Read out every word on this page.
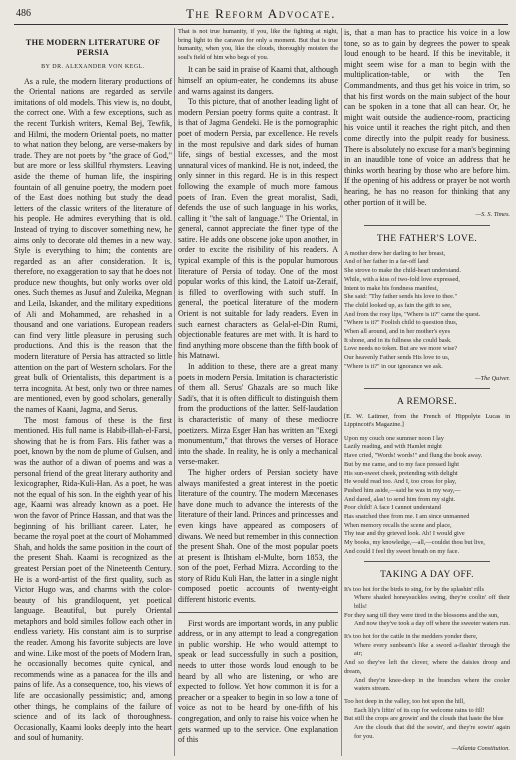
486	The Reform Advocate.
THE MODERN LITERATURE OF PERSIA
BY DR. ALEXANDER VON KEGL.

As a rule, the modern literary productions of the Oriental nations are regarded as servile imitations of old models. This view is, no doubt, the correct one. With a few exceptions, such as the recent Turkish writers, Kemal Bej, Tewfik, and Hilmi, the modern Oriental poets, no matter to what nation they belong, are verse-makers by trade. They are not poets by "the grace of God," but are more or less skillful rhymsters. Leaving aside the theme of human life, the inspiring fountain of all genuine poetry, the modern poet of the East does nothing but study the dead letters of the classic writers of the literature of his people. He admires everything that is old. Instead of trying to discover something new, he aims only to decorate old themes in a new way. Style is everything to him; the contents are regarded as an after consideration. It is, therefore, no exaggeration to say that he does not produce new thoughts, but only works over old ones. Such themes as Jusuf and Zuleika, Megnan and Leila, Iskander, and the military expeditions of Ali and Mohammed, are rehashed in a thousand and one variations. European readers can find very little pleasure in perusing such productions. And this is the reason that the modern literature of Persia has attracted so little attention on the part of Western scholars. For the great bulk of Orientalists, this department is a terra incognita. At best, only two or three names are mentioned, even by good scholars, generally the names of Kaani, Jagma, and Serus.

The most famous of these is the first mentioned. His full name is Habib-illah-el-Farsi, showing that he is from Fars. His father was a poet, known by the nom de plume of Gulsen, and was the author of a diwan of poems and was a personal friend of the great literary authority and lexicographer, Rida-Kuli-Han. As a poet, he was not the equal of his son. In the eighth year of his age, Kaami was already known as a poet. He won the favor of Prince Hassan, and that was the beginning of his brilliant career. Later, he became the royal poet at the court of Mohammed Shah, and holds the same position in the court of the present Shah. Kaami is recognized as the greatest Persian poet of the Nineteenth Century. He is a word-artist of the first quality, such as Victor Hugo was, and charms with the color-beauty of his grandiloquent, yet poetical language. Beautiful, but purely Oriental metaphors and bold similes follow each other in endless variety. His constant aim is to surprise the reader. Among his favorite subjects are love and wine. Like most of the poets of Modern Iran, he occasionally becomes quite cynical, and recommends wine as a panacea for the ills and pains of life. As a consequence, too, his views of life are occasionally pessimistic; and, among other things, he complains of the failure of science and of its lack of thoroughness. Occasionally, Kaami looks deeply into the heart and soul of humanity.

That is not true humanity, if you, like the fighting at night, bring light to the caravan for only a moment. But that is true humanity, when you, like the clouds, thoroughly moisten the soul's field of him who begs of you.

It can be said in praise of Kaami that, although himself an opium-eater, he condemns its abuse and warns against its dangers.

To this picture, that of another leading light of modern Persian poetry forms quite a contrast. It is that of Jagma Gendeki. He is the pornographic poet of modern Persia, par excellence. He revels in the most repulsive and dark sides of human life, sings of bestial excesses, and the most unnatural vices of mankind. He is not, indeed, the only sinner in this regard. He is in this respect following the example of much more famous poets of Iran. Even the great moralist, Sadi, defends the use of such language in his works, calling it "the salt of language." The Oriental, in general, cannot appreciate the finer type of the satire. He adds one obscene joke upon another, in order to excite the risibility of his readers. A typical example of this is the popular humorous literature of Persia of today. One of the most popular works of this kind, the Latoif ua-Zeraif, is filled to overflowing with such stuff. In general, the poetical literature of the modern Orient is not suitable for lady readers. Even in such earnest characters as Gelal-el-Din Rumi, objectionable features are met with. It is hard to find anything more obscene than the fifth book of his Matnawi.

In addition to these, there are a great many poets in modern Persia. Imitation is characteristic of them all. Serus' Ghazals are so much like Sadi's, that it is often difficult to distinguish them from the productions of the latter. Self-laudation is characteristic of many of these mediocre poetizers. Mirza Esger Han has written an "Exegi monumentum," that throws the verses of Horace into the shade. In reality, he is only a mechanical verse-maker.

The higher orders of Persian society have always manifested a great interest in the poetic literature of the country. The modern Mæcenases have done much to advance the interests of the literature of their land. Princes and princesses and even kings have appeared as composers of diwans. We need but remember in this connection the present Shah. One of the most popular poets at present is Ihtisham el-Multe, born 1853, the son of the poet, Ferhad Mizra. According to the story of Ridu Kuli Han, the latter in a single night composed poetic accounts of twenty-eight different historic events.

First words are important words, in any public address, or in any attempt to lead a congregation in public worship. He who would attempt to speak or lead successfully in such a position, needs to utter those words loud enough to be heard by all who are listening, or who are expected to follow. Yet how common it is for a preacher or a speaker to begin in so low a tone of voice as not to be heard by one-fifth of his congregation, and only to raise his voice when he gets warmed up to the service. One explanation of this

is, that a man has to practice his voice in a low tone, so as to gain by degrees the power to speak loud enough to be heard. If this be inevitable, it might seem wise for a man to begin with the multiplication-table, or with the Ten Commandments, and thus get his voice in trim, so that his first words on the main subject of the hour can be spoken in a tone that all can hear. Or, he might wait outside the audience-room, practicing his voice until it reaches the right pitch, and then come directly into the pulpit ready for business. There is absolutely no excuse for a man's beginning in an inaudible tone of voice an address that he thinks worth hearing by those who are before him. If the opening of his address or prayer be not worth hearing, he has no reason for thinking that any other portion of it will be.

—S. S. Times.
THE FATHER'S LOVE.
A mother drew her darling to her breast,
And of her father in a far-off land
She strove to make the child-heart understand.
While, with a kiss of two-fold love expressed,
Intent to make his fondness manifest,
She said: "Thy father sends his love to thee."
The child looked up, as fain the gift to see,
And from the rosy lips, "Where is it?" came the quest.
"Where is it?" Foolish child to question thus,
When all around, and in her mother's eyes
It shone, and in its fullness she could bask.
Love needs no token. But are we more wise?
Our heavenly Father sends His love to us,
"Where is it?" in our ignorance we ask.
—The Quiver.
A REMORSE.
[E. W. Latimer, from the French of Hippolyte Lucas in Lippincott's Magazine.]
Upon my couch one summer noon I lay
Lazily reading, and with Hamlet might
Have cried, "Words! words!" and flung the book away.
But by me came, and to my face pressed light
His sun-sweet cheek, pretending with delight
He would read too. And I, too cross for play,
Pushed him aside,—said he was in my way,—
And dared, alas! to send him from my sight.
Poor child! A face I cannot understand
Has snatched thee from me. I am since unmanned
When memory recalls the scene and place,
Thy tear and thy grieved look. Ah! I would give
My books, my knowledge,—all,—couldst thou but live,
And could I feel thy sweet breath on my face.
TAKING A DAY OFF.
It's too hot for the birds to sing, for by the splashin' rills
Where shaded honeysuckles swing, they're coolin' off their bills!
For they sang till they were tired in the blossoms and the sun,
And now they've took a day off where the sweeter waters run.
It's too hot for the cattle in the medders yonder there,
Where every sunbeam's like a sword a-flashin' through the air;
And so they've left the clover, where the daisies droop and dream,
And they're knee-deep in the branches where the cooler waters stream.
Too hot deep in the valley, too hot upon the hill,
Each lily's liftin' of its cup for welcome rains to fill!
But still the crops are growin' and the clouds that haste the blue
Are the clouds that did the sowin', and they're sowin' again for you.
—Atlanta Constitution.
